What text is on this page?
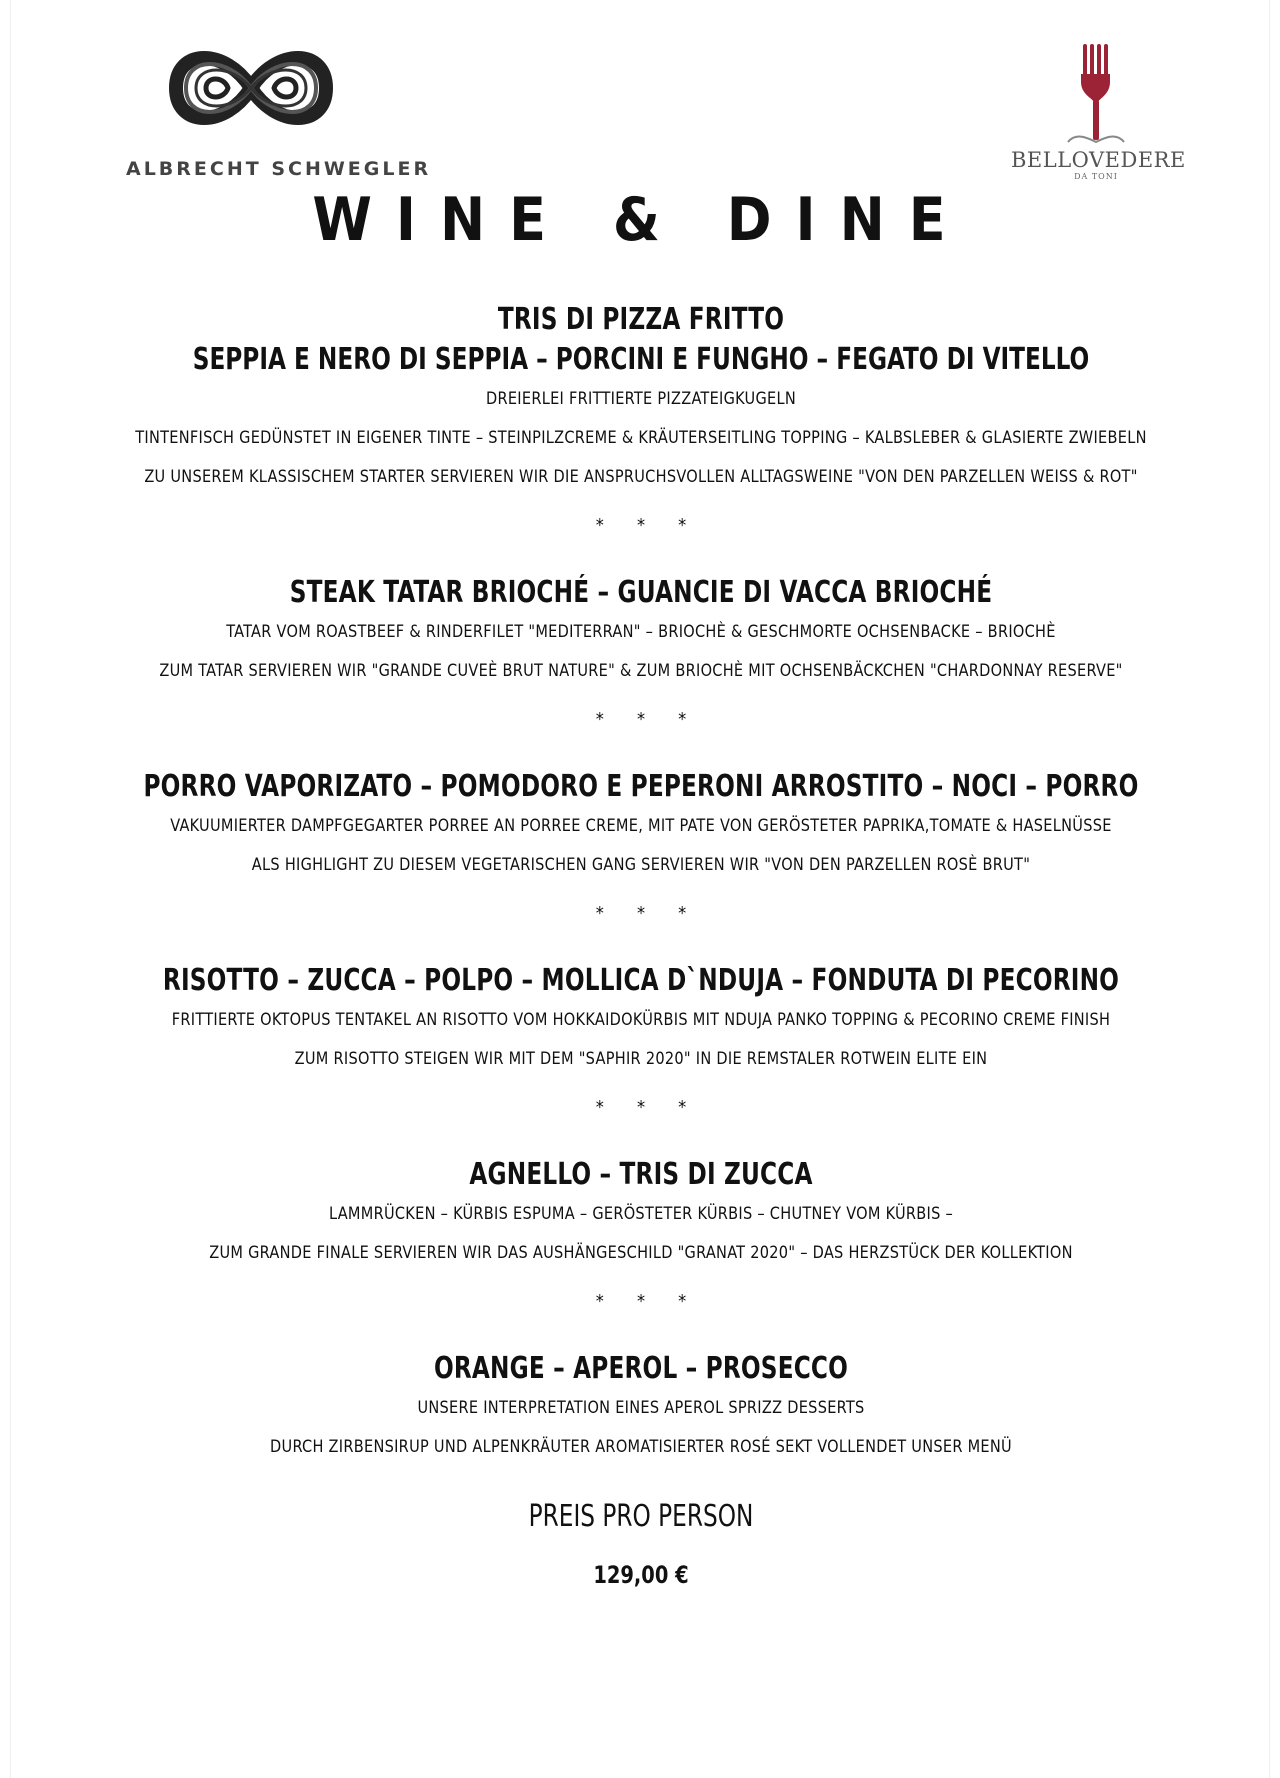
ALBRECHT SCHWEGLER	BELLOVEDERE
DA TONI
WINE & DINE
TRIS DI PIZZA FRITTO
SEPPIA E NERO DI SEPPIA – PORCINI E FUNGHO – FEGATO DI VITELLO
DREIERLEI FRITTIERTE PIZZATEIGKUGELN
TINTENFISCH GEDÜNSTET IN EIGENER TINTE – STEINPILZCREME & KRÄUTERSEITLING TOPPING – KALBSLEBER & GLASIERTE ZWIEBELN
ZU UNSEREM KLASSISCHEM STARTER SERVIEREN WIR DIE ANSPRUCHSVOLLEN ALLTAGSWEINE "VON DEN PARZELLEN WEISS & ROT"
* * *
STEAK TATAR BRIOCHÉ – GUANCIE DI VACCA BRIOCHÉ
TATAR VOM ROASTBEEF & RINDERFILET "MEDITERRAN" – BRIOCHÈ & GESCHMORTE OCHSENBACKE – BRIOCHÈ
ZUM TATAR SERVIEREN WIR "GRANDE CUVEÈ BRUT NATURE" & ZUM BRIOCHÈ MIT OCHSENBÄCKCHEN "CHARDONNAY RESERVE"
* * *
PORRO VAPORIZATO – POMODORO E PEPERONI ARROSTITO – NOCI – PORRO
VAKUUMIERTER DAMPFGEGARTER PORREE AN PORREE CREME, MIT PATE VON GERÖSTETER PAPRIKA,TOMATE & HASELNÜSSE
ALS HIGHLIGHT ZU DIESEM VEGETARISCHEN GANG SERVIEREN WIR "VON DEN PARZELLEN ROSÈ BRUT"
* * *
RISOTTO – ZUCCA – POLPO – MOLLICA D`NDUJA – FONDUTA DI PECORINO
FRITTIERTE OKTOPUS TENTAKEL AN RISOTTO VOM HOKKAIDOKÜRBIS MIT NDUJA PANKO TOPPING & PECORINO CREME FINISH
ZUM RISOTTO STEIGEN WIR MIT DEM "SAPHIR 2020" IN DIE REMSTALER ROTWEIN ELITE EIN
* * *
AGNELLO – TRIS DI ZUCCA
LAMMRÜCKEN – KÜRBIS ESPUMA – GERÖSTETER KÜRBIS – CHUTNEY VOM KÜRBIS –
ZUM GRANDE FINALE SERVIEREN WIR DAS AUSHÄNGESCHILD "GRANAT 2020" – DAS HERZSTÜCK DER KOLLEKTION
* * *
ORANGE – APEROL – PROSECCO
UNSERE INTERPRETATION EINES APEROL SPRIZZ DESSERTS
DURCH ZIRBENSIRUP UND ALPENKRÄUTER AROMATISIERTER ROSÉ SEKT VOLLENDET UNSER MENÜ
PREIS PRO PERSON
129,00 €
